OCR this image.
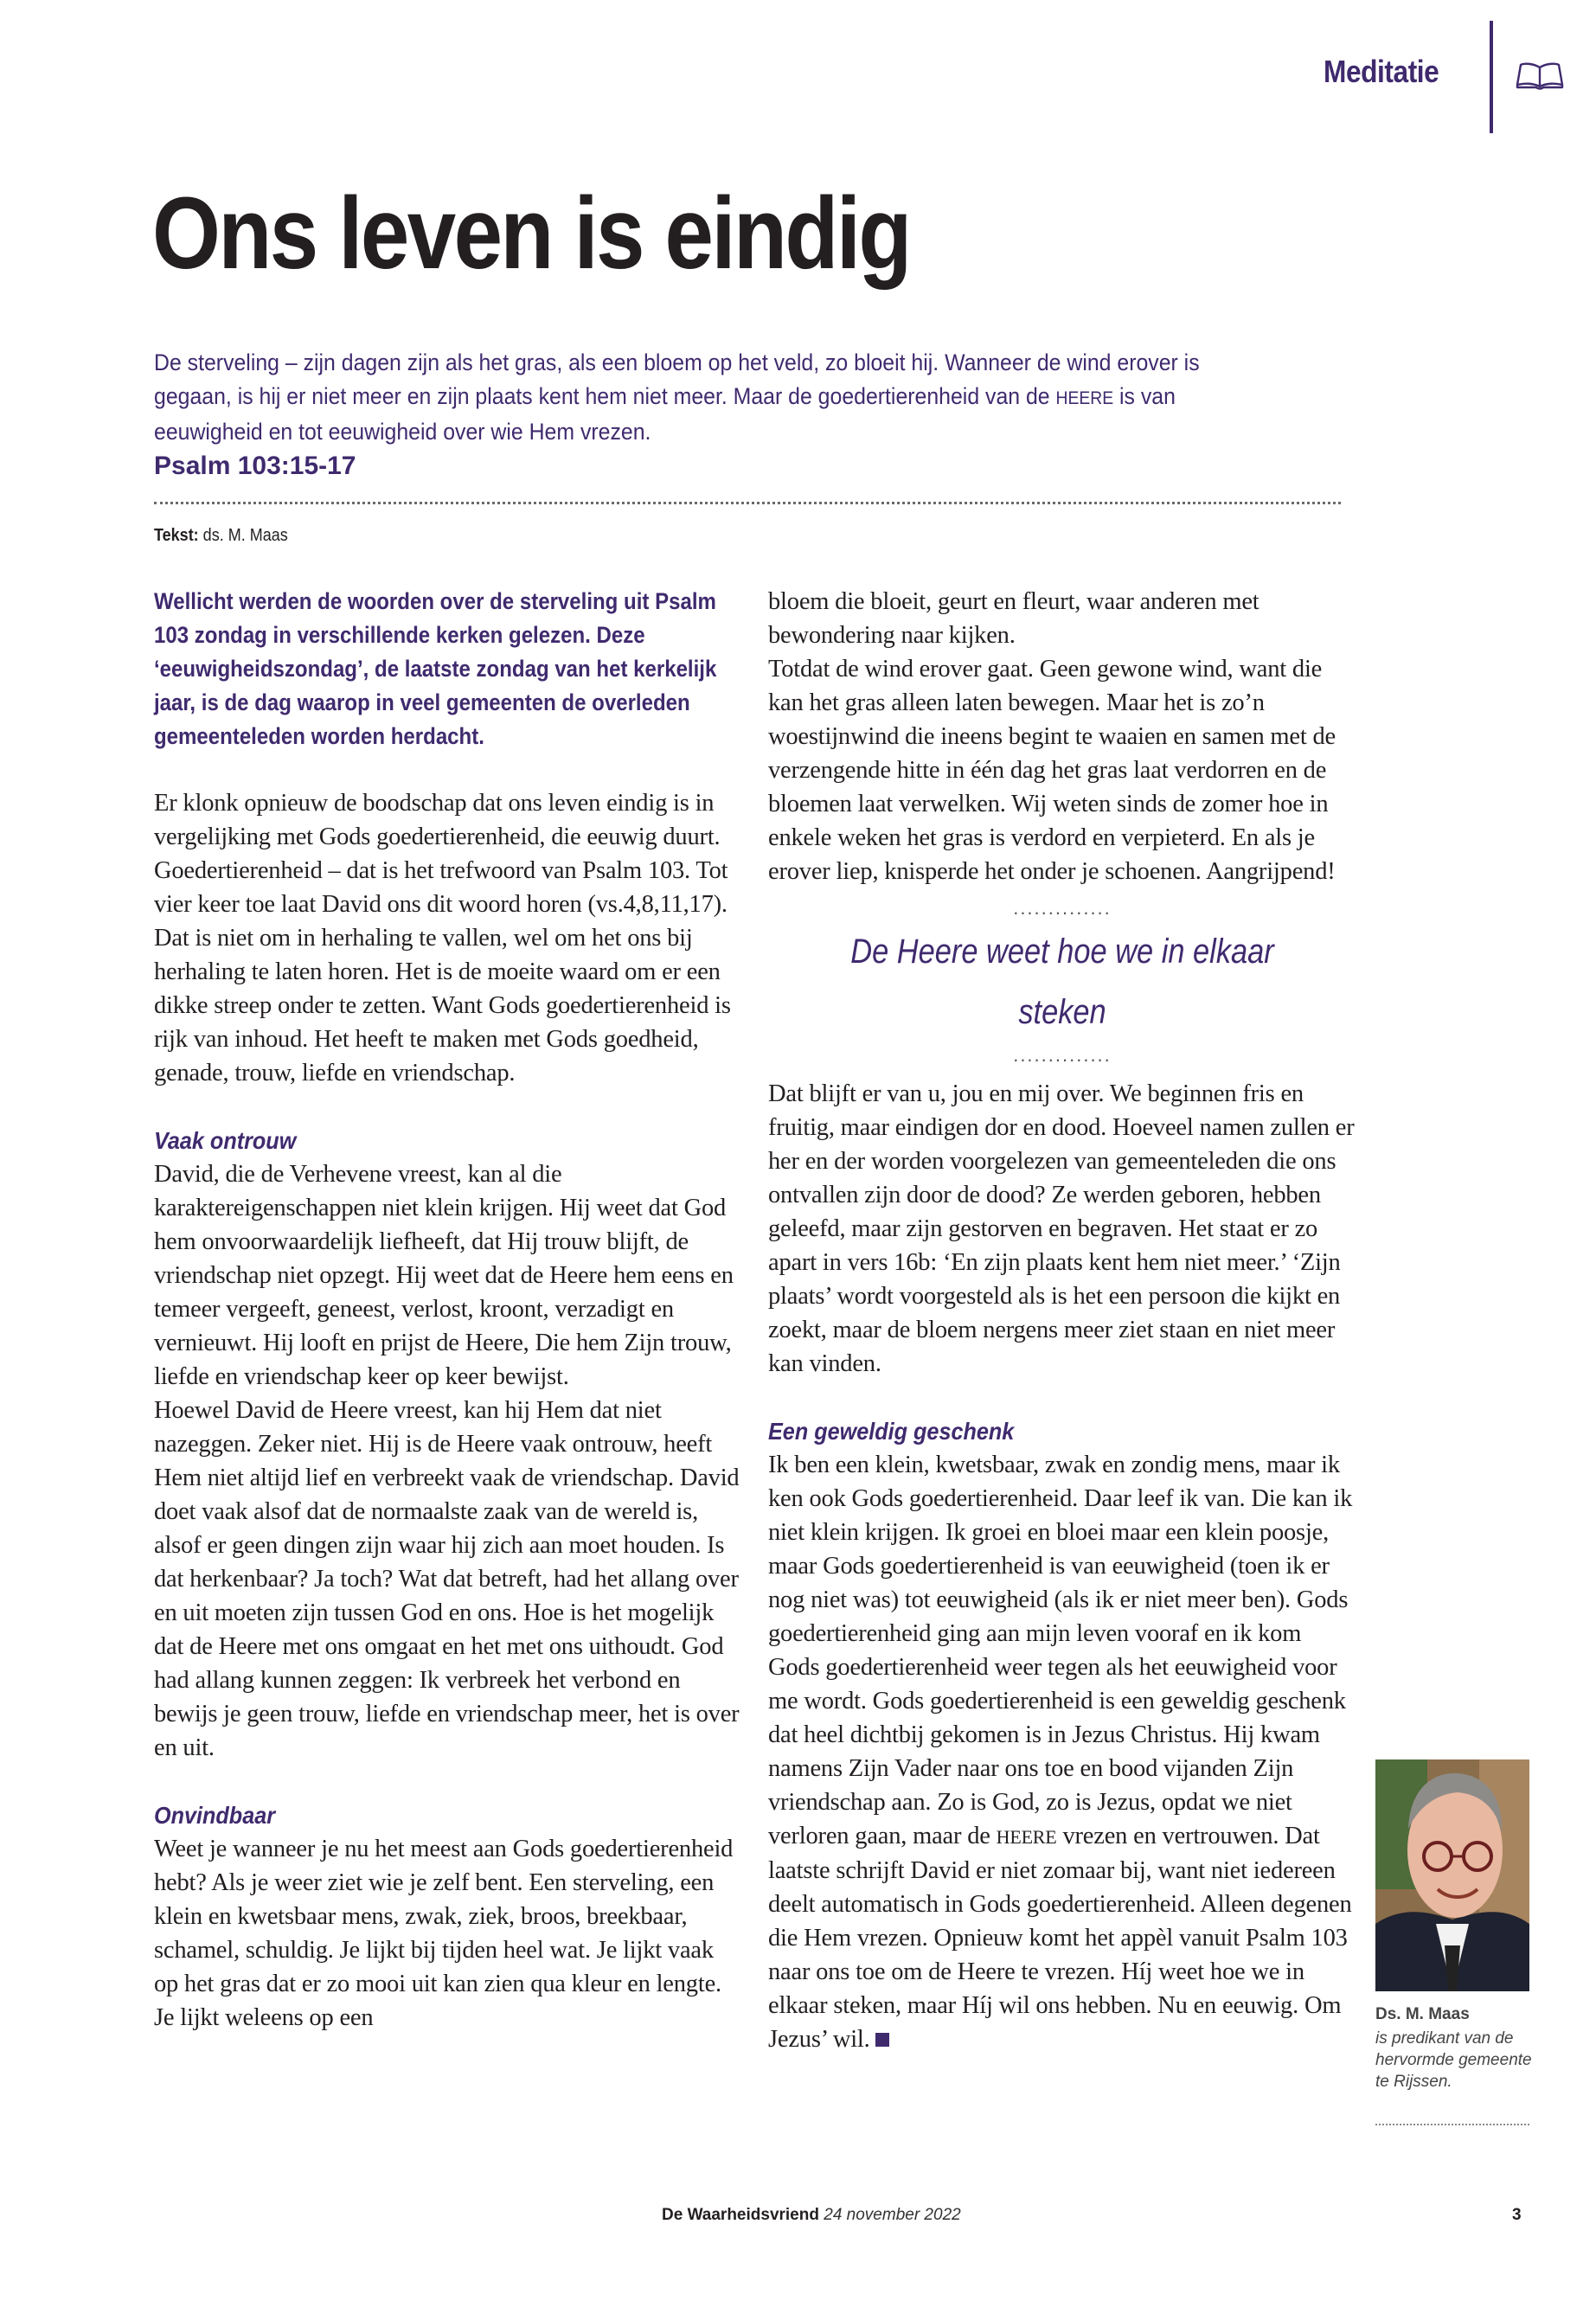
Meditatie
Ons leven is eindig
De sterveling – zijn dagen zijn als het gras, als een bloem op het veld, zo bloeit hij. Wanneer de wind erover is gegaan, is hij er niet meer en zijn plaats kent hem niet meer. Maar de goedertierenheid van de HEERE is van eeuwigheid en tot eeuwigheid over wie Hem vrezen.
Psalm 103:15-17
Tekst: ds. M. Maas

Wellicht werden de woorden over de sterveling uit Psalm 103 zondag in verschillende kerken gelezen. Deze ‘eeuwigheidszondag’, de laatste zondag van het kerkelijk jaar, is de dag waarop in veel gemeenten de overleden gemeenteleden worden herdacht.

Er klonk opnieuw de boodschap dat ons leven eindig is in vergelijking met Gods goedertierenheid, die eeuwig duurt.

Goedertierenheid – dat is het trefwoord van Psalm 103. Tot vier keer toe laat David ons dit woord horen (vs.4,8,11,17). Dat is niet om in herhaling te vallen, wel om het ons bij herhaling te laten horen. Het is de moeite waard om er een dikke streep onder te zetten. Want Gods goedertierenheid is rijk van inhoud. Het heeft te maken met Gods goedheid, genade, trouw, liefde en vriendschap.

Vaak ontrouw

David, die de Verhevene vreest, kan al die karaktereigenschappen niet klein krijgen. Hij weet dat God hem onvoorwaardelijk liefheeft, dat Hij trouw blijft, de vriendschap niet opzegt. Hij weet dat de Heere hem eens en temeer vergeeft, geneest, verlost, kroont, verzadigt en vernieuwt. Hij looft en prijst de Heere, Die hem Zijn trouw, liefde en vriendschap keer op keer bewijst.

Hoewel David de Heere vreest, kan hij Hem dat niet nazeggen. Zeker niet. Hij is de Heere vaak ontrouw, heeft Hem niet altijd lief en verbreekt vaak de vriendschap. David doet vaak alsof dat de normaalste zaak van de wereld is, alsof er geen dingen zijn waar hij zich aan moet houden. Is dat herkenbaar? Ja toch? Wat dat betreft, had het allang over en uit moeten zijn tussen God en ons. Hoe is het mogelijk dat de Heere met ons omgaat en het met ons uithoudt. God had allang kunnen zeggen: Ik verbreek het verbond en bewijs je geen trouw, liefde en vriendschap meer, het is over en uit.

Onvindbaar

Weet je wanneer je nu het meest aan Gods goedertierenheid hebt? Als je weer ziet wie je zelf bent. Een sterveling, een klein en kwetsbaar mens, zwak, ziek, broos, breekbaar, schamel, schuldig. Je lijkt bij tijden heel wat. Je lijkt vaak op het gras dat er zo mooi uit kan zien qua kleur en lengte. Je lijkt weleens op een

bloem die bloeit, geurt en fleurt, waar anderen met bewondering naar kijken.

Totdat de wind erover gaat. Geen gewone wind, want die kan het gras alleen laten bewegen. Maar het is zo’n woestijnwind die ineens begint te waaien en samen met de verzengende hitte in één dag het gras laat verdorren en de bloemen laat verwelken. Wij weten sinds de zomer hoe in enkele weken het gras is verdord en verpieterd. En als je erover liep, knisperde het onder je schoenen. Aangrijpend!

..............
De Heere weet hoe we in elkaar steken
..............

Dat blijft er van u, jou en mij over. We beginnen fris en fruitig, maar eindigen dor en dood. Hoeveel namen zullen er her en der worden voorgelezen van gemeenteleden die ons ontvallen zijn door de dood? Ze werden geboren, hebben geleefd, maar zijn gestorven en begraven. Het staat er zo apart in vers 16b: ‘En zijn plaats kent hem niet meer.’ ‘Zijn plaats’ wordt voorgesteld als is het een persoon die kijkt en zoekt, maar de bloem nergens meer ziet staan en niet meer kan vinden.

Een geweldig geschenk

Ik ben een klein, kwetsbaar, zwak en zondig mens, maar ik ken ook Gods goedertierenheid. Daar leef ik van. Die kan ik niet klein krijgen. Ik groei en bloei maar een klein poosje, maar Gods goedertierenheid is van eeuwigheid (toen ik er nog niet was) tot eeuwigheid (als ik er niet meer ben). Gods goedertierenheid ging aan mijn leven vooraf en ik kom Gods goedertierenheid weer tegen als het eeuwigheid voor me wordt. Gods goedertierenheid is een geweldig geschenk dat heel dichtbij gekomen is in Jezus Christus. Hij kwam namens Zijn Vader naar ons toe en bood vijanden Zijn vriendschap aan. Zo is God, zo is Jezus, opdat we niet verloren gaan, maar de HEERE vrezen en vertrouwen. Dat laatste schrijft David er niet zomaar bij, want niet iedereen deelt automatisch in Gods goedertierenheid. Alleen degenen die Hem vrezen. Opnieuw komt het appèl vanuit Psalm 103 naar ons toe om de Heere te vrezen. Híj weet hoe we in elkaar steken, maar Híj wil ons hebben. Nu en eeuwig. Om Jezus’ wil.

Ds. M. Maas
is predikant van de hervormde gemeente te Rijssen.
De Waarheidsvriend 24 november 2022	3
